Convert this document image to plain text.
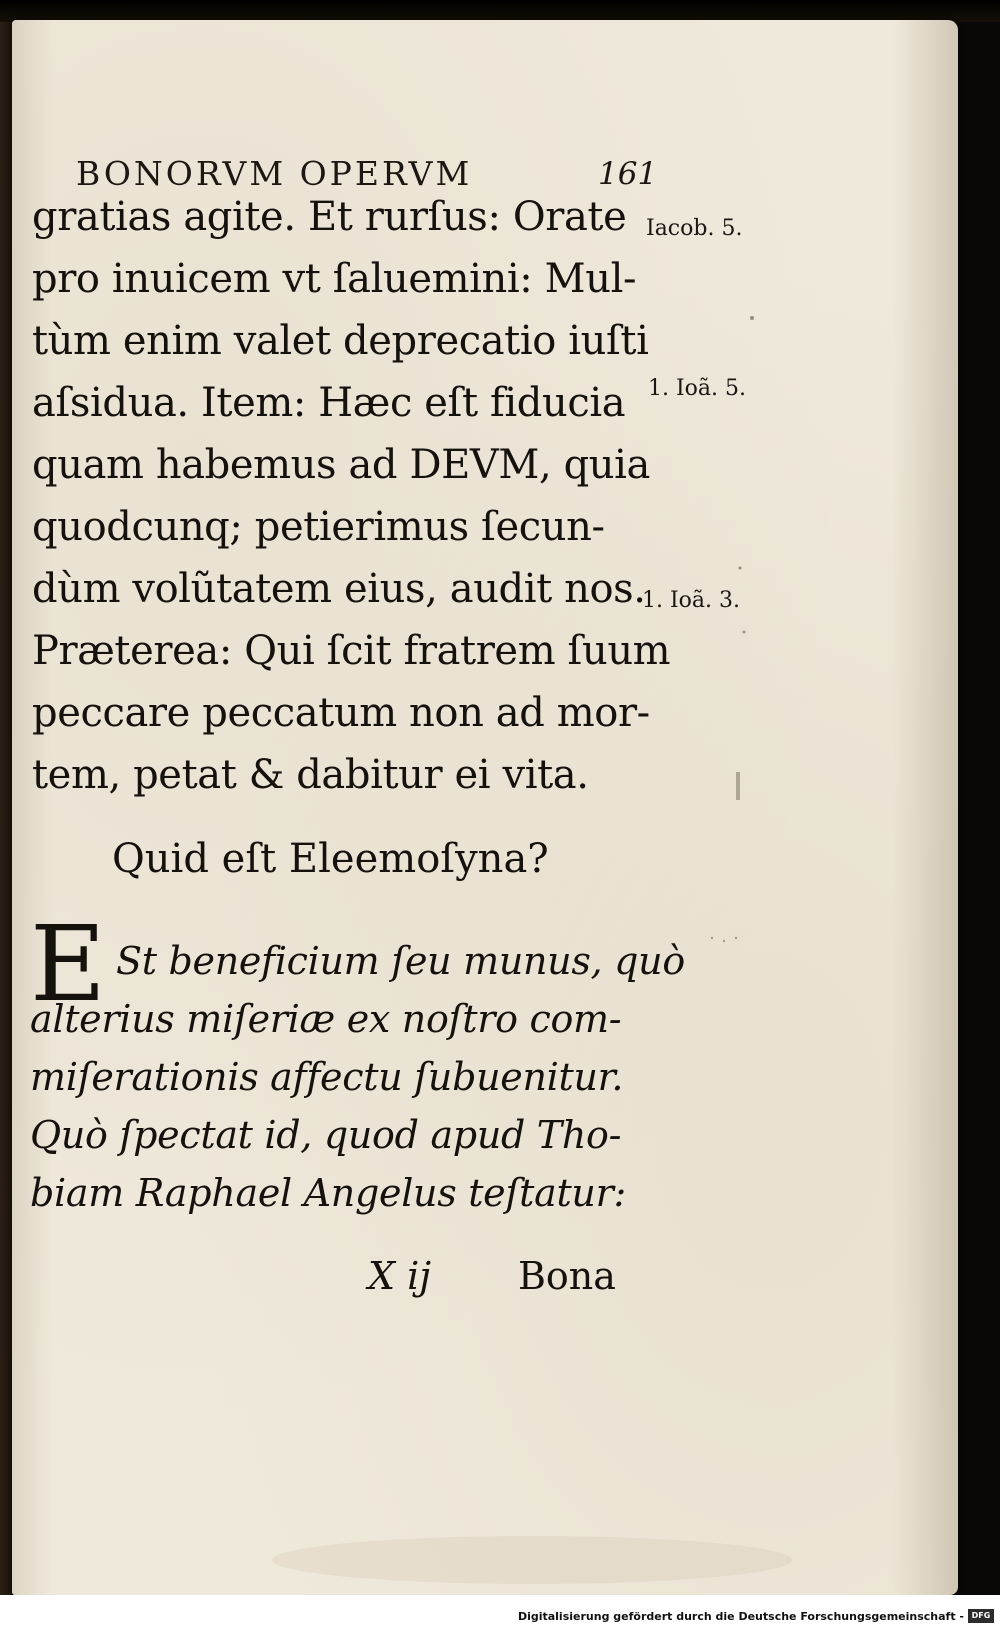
BONORVM OPERVM	161
gratias agite. Et rurſus: Orate
pro inuicem vt ſaluemini: Mul-
tùm enim valet deprecatio iuſti
aſsidua. Item: Hæc eſt fiducia
quam habemus ad DEVM, quia
quodcunq; petierimus ſecun-
dùm volũtatem eius, audit nos.
Præterea: Qui ſcit fratrem ſuum
peccare peccatum non ad mor-
tem, petat & dabitur ei vita.
Iacob. 5.
1. Ioã. 5.
1. Ioã. 3.
Quid eſt Eleemoſyna?
E St beneficium ſeu munus, quò
alterius miſeriæ ex noſtro com-
miſerationis affectu ſubuenitur.
Quò ſpectat id, quod apud Tho-
biam Raphael Angelus teſtatur:
X ij Bona
Digitalisierung gefördert durch die Deutsche Forschungsgemeinschaft - DFG
